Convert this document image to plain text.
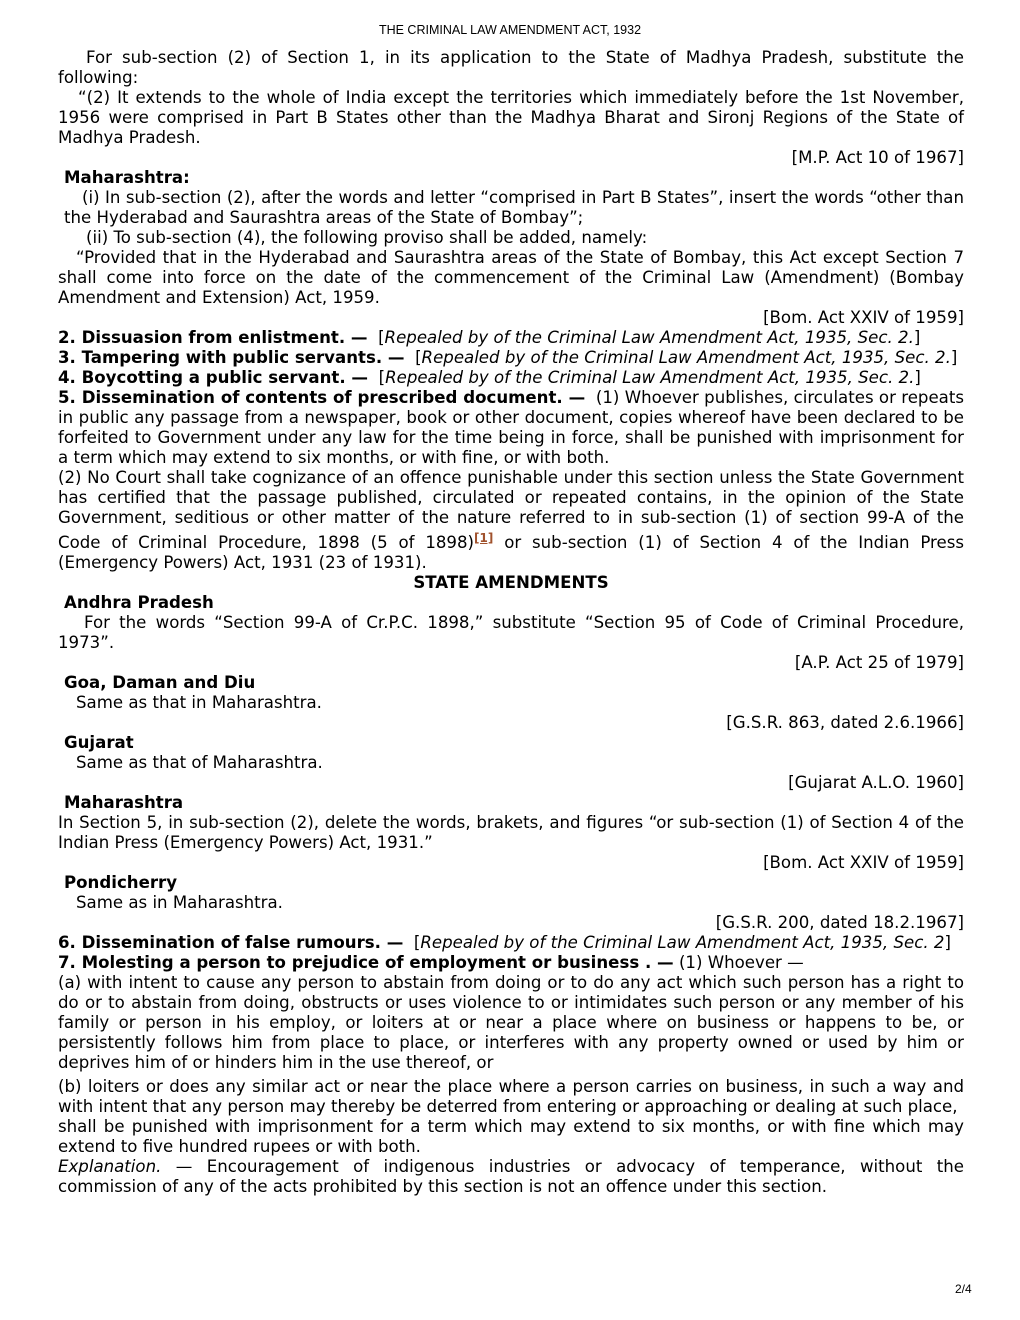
THE CRIMINAL LAW AMENDMENT ACT, 1932

For sub-section (2) of Section 1, in its application to the State of Madhya Pradesh, substitute the following:

“(2) It extends to the whole of India except the territories which immediately before the 1st November, 1956 were comprised in Part B States other than the Madhya Bharat and Sironj Regions of the State of Madhya Pradesh.

[M.P. Act 10 of 1967]

Maharashtra:

(i) In sub-section (2), after the words and letter “comprised in Part B States”, insert the words “other than the Hyderabad and Saurashtra areas of the State of Bombay”;

(ii) To sub-section (4), the following proviso shall be added, namely:

“Provided that in the Hyderabad and Saurashtra areas of the State of Bombay, this Act except Section 7 shall come into force on the date of the commencement of the Criminal Law (Amendment) (Bombay Amendment and Extension) Act, 1959.

[Bom. Act XXIV of 1959]

2. Dissuasion from enlistment. — [Repealed by of the Criminal Law Amendment Act, 1935, Sec. 2.]

3. Tampering with public servants. — [Repealed by of the Criminal Law Amendment Act, 1935, Sec. 2.]

4. Boycotting a public servant. — [Repealed by of the Criminal Law Amendment Act, 1935, Sec. 2.]

5. Dissemination of contents of prescribed document. — (1) Whoever publishes, circulates or repeats in public any passage from a newspaper, book or other document, copies whereof have been declared to be forfeited to Government under any law for the time being in force, shall be punished with imprisonment for a term which may extend to six months, or with fine, or with both.

(2) No Court shall take cognizance of an offence punishable under this section unless the State Government has certified that the passage published, circulated or repeated contains, in the opinion of the State Government, seditious or other matter of the nature referred to in sub-section (1) of section 99-A of the Code of Criminal Procedure, 1898 (5 of 1898)[1] or sub-section (1) of Section 4 of the Indian Press (Emergency Powers) Act, 1931 (23 of 1931).

STATE AMENDMENTS

Andhra Pradesh

For the words “Section 99-A of Cr.P.C. 1898,” substitute “Section 95 of Code of Criminal Procedure, 1973”.

[A.P. Act 25 of 1979]

Goa, Daman and Diu

Same as that in Maharashtra.

[G.S.R. 863, dated 2.6.1966]

Gujarat

Same as that of Maharashtra.

[Gujarat A.L.O. 1960]

Maharashtra

In Section 5, in sub-section (2), delete the words, brakets, and figures “or sub-section (1) of Section 4 of the Indian Press (Emergency Powers) Act, 1931.”

[Bom. Act XXIV of 1959]

Pondicherry

Same as in Maharashtra.

[G.S.R. 200, dated 18.2.1967]

6. Dissemination of false rumours. — [Repealed by of the Criminal Law Amendment Act, 1935, Sec. 2]

7. Molesting a person to prejudice of employment or business . — (1) Whoever —

(a) with intent to cause any person to abstain from doing or to do any act which such person has a right to do or to abstain from doing, obstructs or uses violence to or intimidates such person or any member of his family or person in his employ, or loiters at or near a place where on business or happens to be, or persistently follows him from place to place, or interferes with any property owned or used by him or deprives him of or hinders him in the use thereof, or

(b) loiters or does any similar act or near the place where a person carries on business, in such a way and with intent that any person may thereby be deterred from entering or approaching or dealing at such place,

shall be punished with imprisonment for a term which may extend to six months, or with fine which may extend to five hundred rupees or with both.

Explanation. — Encouragement of indigenous industries or advocacy of temperance, without the commission of any of the acts prohibited by this section is not an offence under this section.

2/4
